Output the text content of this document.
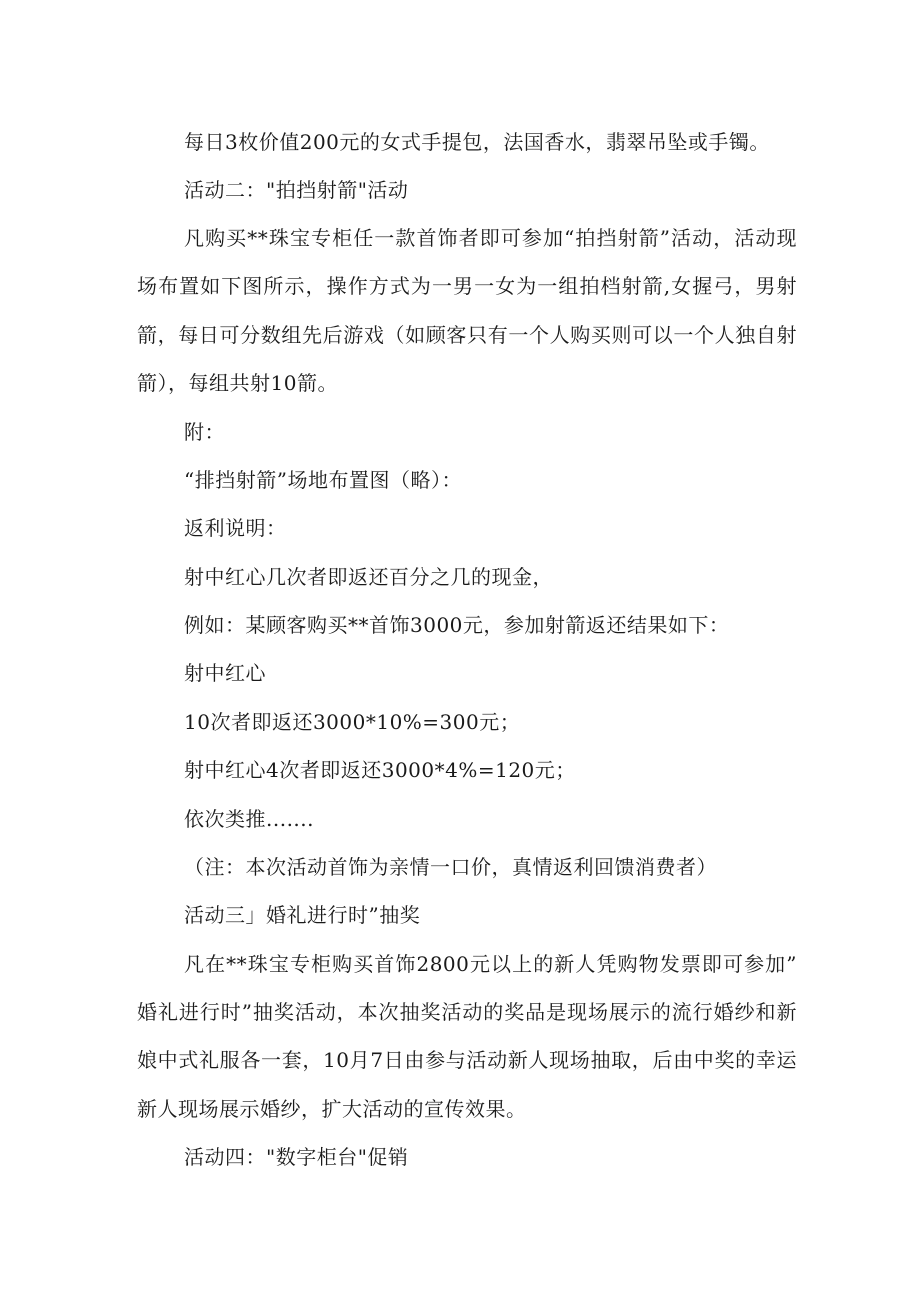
每日3枚价值200元的女式手提包，法国香水，翡翠吊坠或手镯。
活动二："拍挡射箭"活动
凡购买**珠宝专柜任一款首饰者即可参加“拍挡射箭”活动，活动现
场布置如下图所示，操作方式为一男一女为一组拍档射箭,女握弓，男射
箭，每日可分数组先后游戏（如顾客只有一个人购买则可以一个人独自射
箭），每组共射10箭。
附：
“排挡射箭”场地布置图（略）：
返利说明：
射中红心几次者即返还百分之几的现金，
例如：某顾客购买**首饰3000元，参加射箭返还结果如下：
射中红心
10次者即返还3000*10%=300元；
射中红心4次者即返还3000*4%=120元；
依次类推.......
（注：本次活动首饰为亲情一口价，真情返利回馈消费者）
活动三」婚礼进行时”抽奖
凡在**珠宝专柜购买首饰2800元以上的新人凭购物发票即可参加”
婚礼进行时”抽奖活动，本次抽奖活动的奖品是现场展示的流行婚纱和新
娘中式礼服各一套，10月7日由参与活动新人现场抽取，后由中奖的幸运
新人现场展示婚纱，扩大活动的宣传效果。
活动四："数字柜台"促销
